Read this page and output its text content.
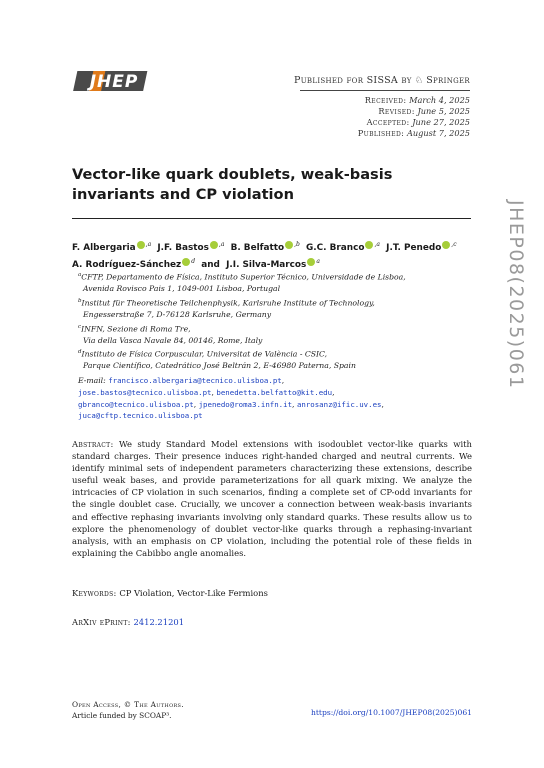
JHEP	Published for SISSA by ♘ Springer
Received: March 4, 2025
Revised: June 5, 2025
Accepted: June 27, 2025
Published: August 7, 2025
Vector-like quark doublets, weak-basis invariants and CP violation
F. Albergaria $^{,a}$ J.F. Bastos $^{,a}$ B. Belfatto $^{,b}$ G.C. Branco $^{,a}$ J.T. Penedo $^{,c}$
A. Rodríguez-Sánchez $^d$ and J.I. Silva-Marcos $^a$
$^a$CFTP, Departamento de Física, Instituto Superior Técnico, Universidade de Lisboa,
Avenida Rovisco Pais 1, 1049-001 Lisboa, Portugal
$^b$Institut für Theoretische Teilchenphysik, Karlsruhe Institute of Technology,
Engesserstraße 7, D-76128 Karlsruhe, Germany
$^c$INFN, Sezione di Roma Tre,
Via della Vasca Navale 84, 00146, Rome, Italy
$^d$Instituto de Física Corpuscular, Universitat de València - CSIC,
Parque Científico, Catedrático José Beltrán 2, E-46980 Paterna, Spain
E-mail: francisco.albergaria@tecnico.ulisboa.pt,
jose.bastos@tecnico.ulisboa.pt, benedetta.belfatto@kit.edu,
gbranco@tecnico.ulisboa.pt, jpenedo@roma3.infn.it, anrosanz@ific.uv.es,
juca@cftp.tecnico.ulisboa.pt
Abstract: We study Standard Model extensions with isodoublet vector-like quarks with standard charges. Their presence induces right-handed charged and neutral currents. We identify minimal sets of independent parameters characterizing these extensions, describe useful weak bases, and provide parameterizations for all quark mixing. We analyze the intricacies of CP violation in such scenarios, finding a complete set of CP-odd invariants for the single doublet case. Crucially, we uncover a connection between weak-basis invariants and effective rephasing invariants involving only standard quarks. These results allow us to explore the phenomenology of doublet vector-like quarks through a rephasing-invariant analysis, with an emphasis on CP violation, including the potential role of these fields in explaining the Cabibbo angle anomalies.
Keywords: CP Violation, Vector-Like Fermions
ArXiv ePrint: 2412.21201
Open Access, © The Authors.
Article funded by SCOAP³.	https://doi.org/10.1007/JHEP08(2025)061
JHEP08(2025)061
